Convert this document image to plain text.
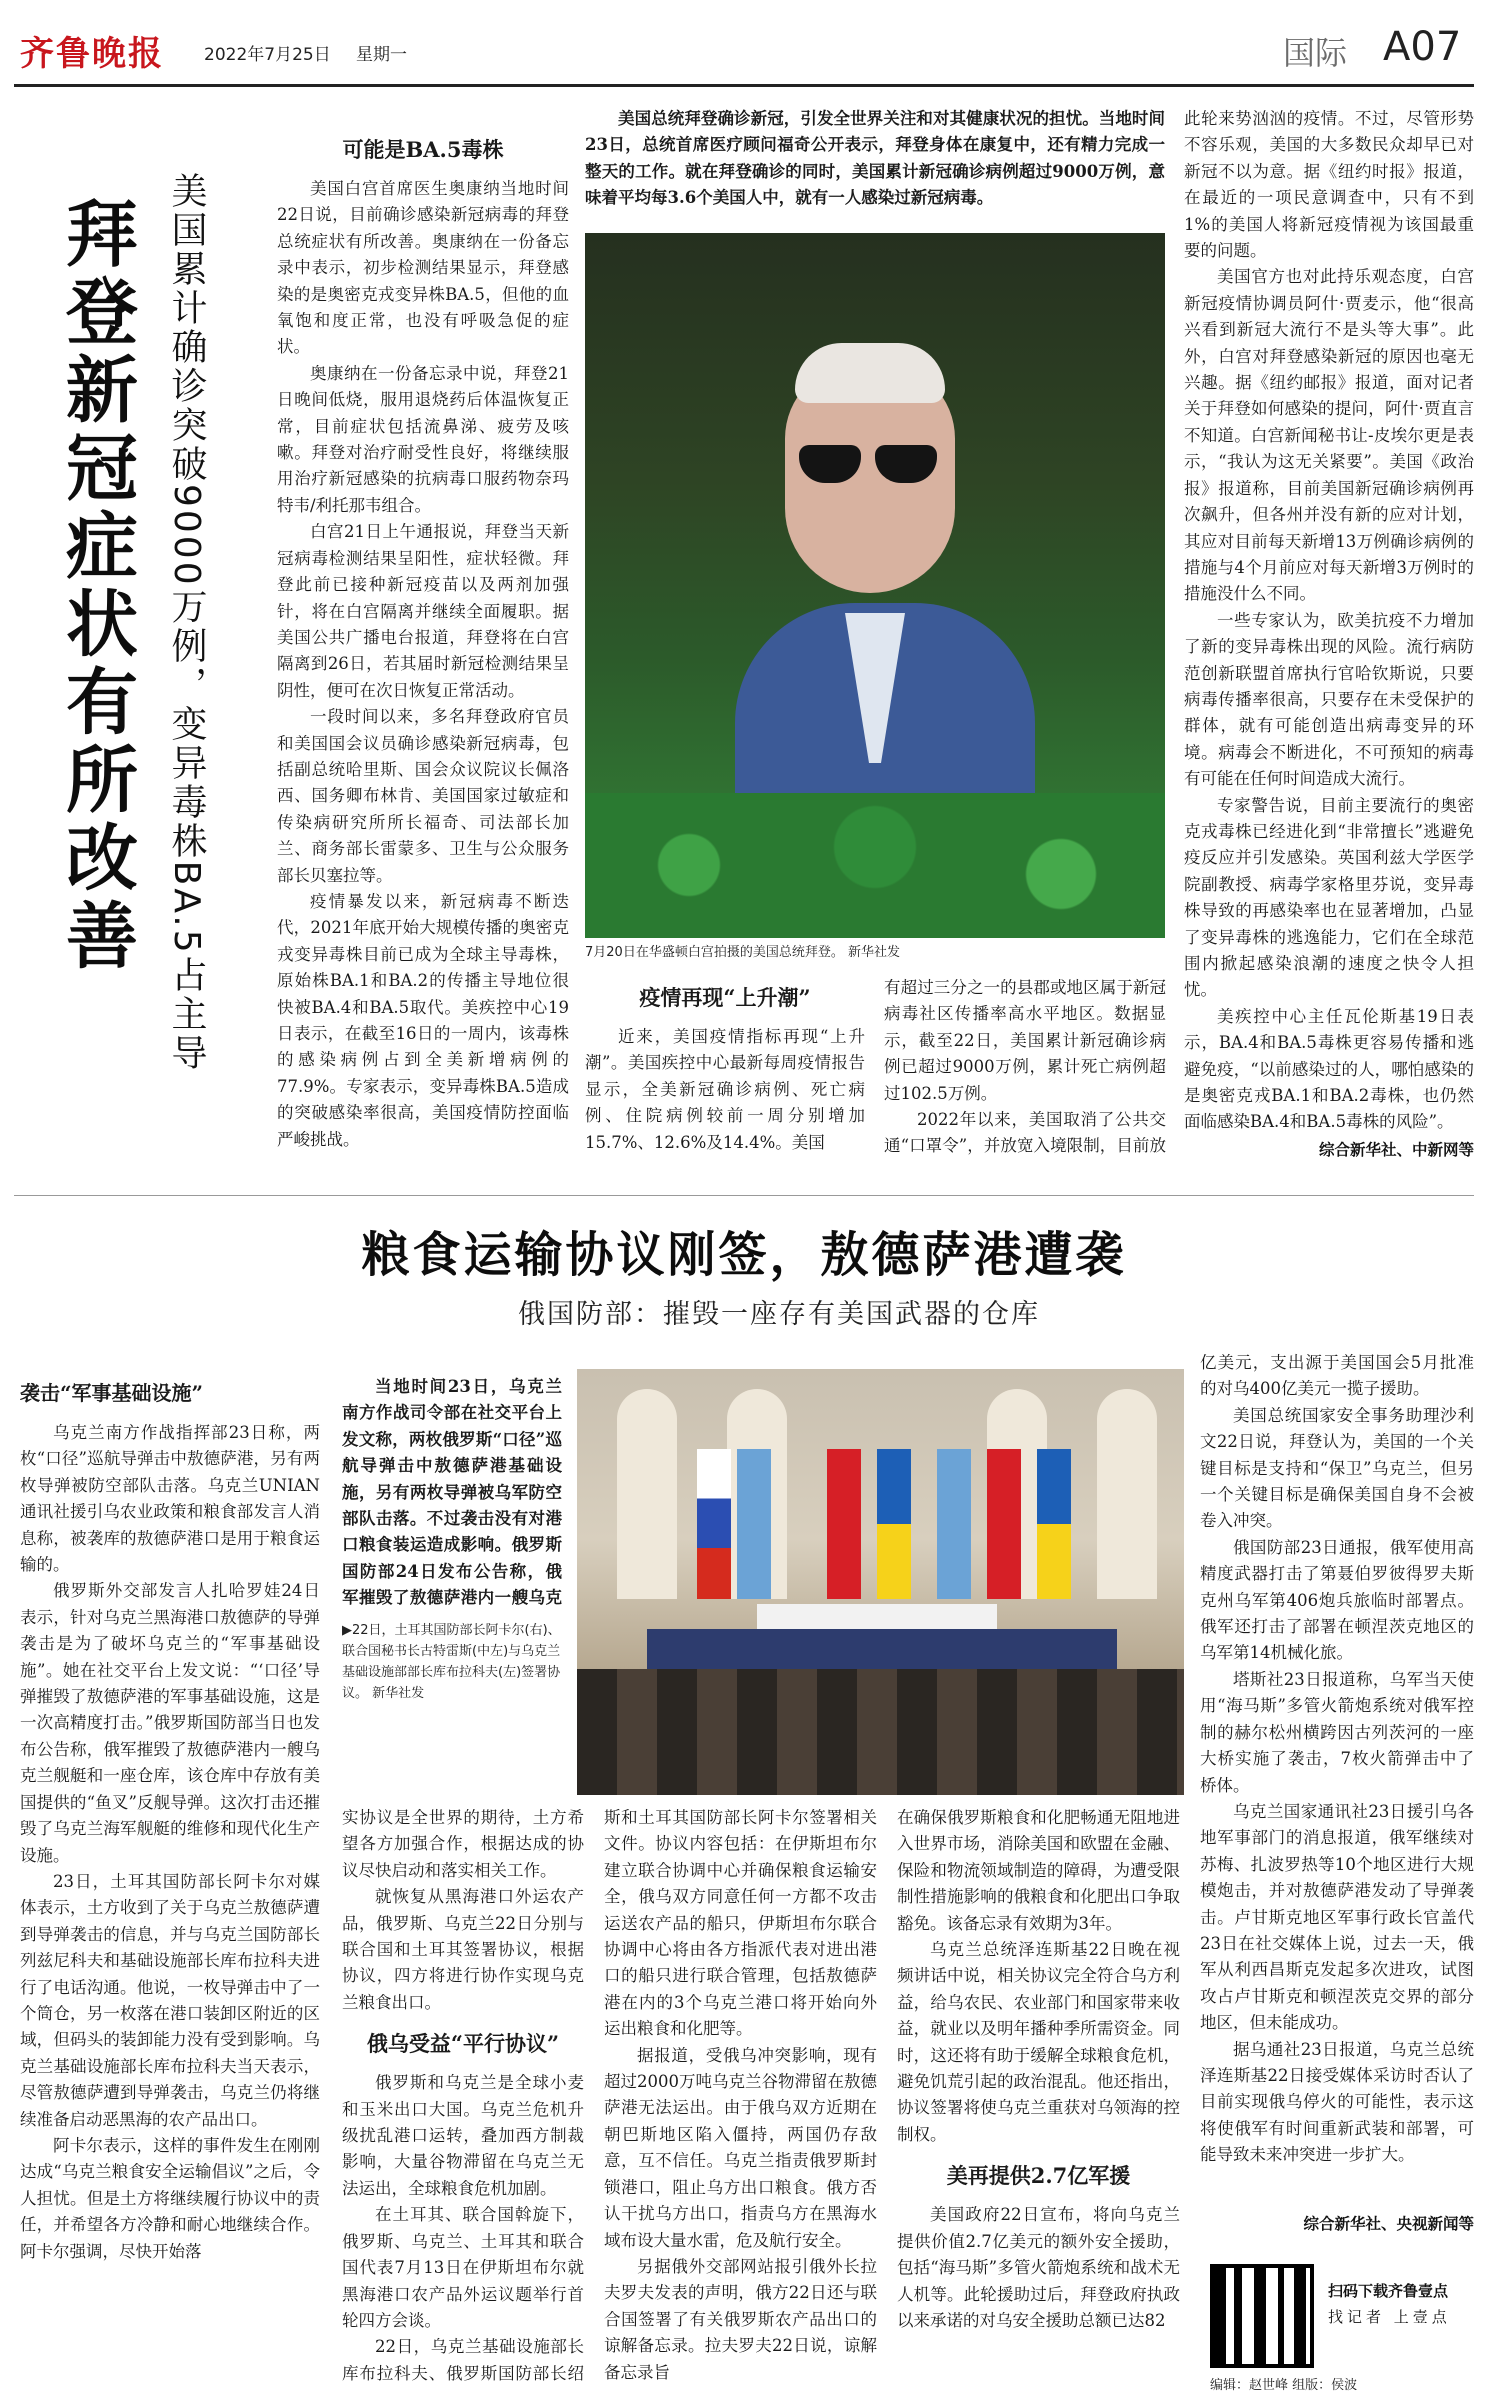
齐鲁晚报 2022年7月25日 星期一	国际 A07
拜登新冠症状有所改善 美国累计确诊突破9000万例，变异毒株BA.5占主导
可能是BA.5毒株

美国白宫首席医生奥康纳当地时间22日说，目前确诊感染新冠病毒的拜登总统症状有所改善。奥康纳在一份备忘录中表示，初步检测结果显示，拜登感染的是奥密克戎变异株BA.5，但他的血氧饱和度正常，也没有呼吸急促的症状。

奥康纳在一份备忘录中说，拜登21日晚间低烧，服用退烧药后体温恢复正常，目前症状包括流鼻涕、疲劳及咳嗽。拜登对治疗耐受性良好，将继续服用治疗新冠感染的抗病毒口服药物奈玛特韦/利托那韦组合。

白宫21日上午通报说，拜登当天新冠病毒检测结果呈阳性，症状轻微。拜登此前已接种新冠疫苗以及两剂加强针，将在白宫隔离并继续全面履职。据美国公共广播电台报道，拜登将在白宫隔离到26日，若其届时新冠检测结果呈阴性，便可在次日恢复正常活动。

一段时间以来，多名拜登政府官员和美国国会议员确诊感染新冠病毒，包括副总统哈里斯、国会众议院议长佩洛西、国务卿布林肯、美国国家过敏症和传染病研究所所长福奇、司法部长加兰、商务部长雷蒙多、卫生与公众服务部长贝塞拉等。

疫情暴发以来，新冠病毒不断迭代，2021年底开始大规模传播的奥密克戎变异毒株目前已成为全球主导毒株，原始株BA.1和BA.2的传播主导地位很快被BA.4和BA.5取代。美疾控中心19日表示，在截至16日的一周内，该毒株的感染病例占到全美新增病例的77.9%。专家表示，变异毒株BA.5造成的突破感染率很高，美国疫情防控面临严峻挑战。

美国总统拜登确诊新冠，引发全世界关注和对其健康状况的担忧。当地时间23日，总统首席医疗顾问福奇公开表示，拜登身体在康复中，还有精力完成一整天的工作。就在拜登确诊的同时，美国累计新冠确诊病例超过9000万例，意味着平均每3.6个美国人中，就有一人感染过新冠病毒。

7月20日在华盛顿白宫拍摄的美国总统拜登。 新华社发
疫情再现“上升潮”

近来，美国疫情指标再现“上升潮”。美国疾控中心最新每周疫情报告显示，全美新冠确诊病例、死亡病例、住院病例较前一周分别增加15.7%、12.6%及14.4%。美国

有超过三分之一的县郡或地区属于新冠病毒社区传播率高水平地区。数据显示，截至22日，美国累计新冠确诊病例已超过9000万例，累计死亡病例超过102.5万例。

2022年以来，美国取消了公共交通“口罩令”，并放宽入境限制，目前放

此轮来势汹汹的疫情。不过，尽管形势不容乐观，美国的大多数民众却早已对新冠不以为意。据《纽约时报》报道，在最近的一项民意调查中，只有不到1%的美国人将新冠疫情视为该国最重要的问题。

美国官方也对此持乐观态度，白宫新冠疫情协调员阿什·贾麦示，他“很高兴看到新冠大流行不是头等大事”。此外，白宫对拜登感染新冠的原因也毫无兴趣。据《纽约邮报》报道，面对记者关于拜登如何感染的提问，阿什·贾直言不知道。白宫新闻秘书让-皮埃尔更是表示，“我认为这无关紧要”。美国《政治报》报道称，目前美国新冠确诊病例再次飙升，但各州并没有新的应对计划，其应对目前每天新增13万例确诊病例的措施与4个月前应对每天新增3万例时的措施没什么不同。

一些专家认为，欧美抗疫不力增加了新的变异毒株出现的风险。流行病防范创新联盟首席执行官哈钦斯说，只要病毒传播率很高，只要存在未受保护的群体，就有可能创造出病毒变异的环境。病毒会不断进化，不可预知的病毒有可能在任何时间造成大流行。

专家警告说，目前主要流行的奥密克戎毒株已经进化到“非常擅长”逃避免疫反应并引发感染。英国利兹大学医学院副教授、病毒学家格里芬说，变异毒株导致的再感染率也在显著增加，凸显了变异毒株的逃逸能力，它们在全球范围内掀起感染浪潮的速度之快令人担忧。

美疾控中心主任瓦伦斯基19日表示，BA.4和BA.5毒株更容易传播和逃避免疫，“以前感染过的人，哪怕感染的是奥密克戎BA.1和BA.2毒株，也仍然面临感染BA.4和BA.5毒株的风险”。

综合新华社、中新网等
粮食运输协议刚签，敖德萨港遭袭
俄国防部：摧毁一座存有美国武器的仓库
袭击“军事基础设施”

乌克兰南方作战指挥部23日称，两枚“口径”巡航导弹击中敖德萨港，另有两枚导弹被防空部队击落。乌克兰UNIAN通讯社援引乌农业政策和粮食部发言人消息称，被袭库的敖德萨港口是用于粮食运输的。

俄罗斯外交部发言人扎哈罗娃24日表示，针对乌克兰黑海港口敖德萨的导弹袭击是为了破坏乌克兰的“军事基础设施”。她在社交平台上发文说：“‘口径’导弹摧毁了敖德萨港的军事基础设施，这是一次高精度打击。”俄罗斯国防部当日也发布公告称，俄军摧毁了敖德萨港内一艘乌克兰舰艇和一座仓库，该仓库中存放有美国提供的“鱼叉”反舰导弹。这次打击还摧毁了乌克兰海军舰艇的维修和现代化生产设施。

23日，土耳其国防部长阿卡尔对媒体表示，土方收到了关于乌克兰敖德萨遭到导弹袭击的信息，并与乌克兰国防部长列兹尼科夫和基础设施部长库布拉科夫进行了电话沟通。他说，一枚导弹击中了一个筒仓，另一枚落在港口装卸区附近的区域，但码头的装卸能力没有受到影响。乌克兰基础设施部长库布拉科夫当天表示，尽管敖德萨遭到导弹袭击，乌克兰仍将继续准备启动恶黑海的农产品出口。

阿卡尔表示，这样的事件发生在刚刚达成“乌克兰粮食安全运输倡议”之后，令人担忧。但是土方将继续履行协议中的责任，并希望各方冷静和耐心地继续合作。阿卡尔强调，尽快开始落

当地时间23日，乌克兰南方作战司令部在社交平台上发文称，两枚俄罗斯“口径”巡航导弹击中敖德萨港基础设施，另有两枚导弹被乌军防空部队击落。不过袭击没有对港口粮食装运造成影响。俄罗斯国防部24日发布公告称，俄军摧毁了敖德萨港内一艘乌克

▶22日，土耳其国防部长阿卡尔(右)、联合国秘书长古特雷斯(中左)与乌克兰基础设施部部长库布拉科夫(左)签署协议。 新华社发

实协议是全世界的期待，土方希望各方加强合作，根据达成的协议尽快启动和落实相关工作。

就恢复从黑海港口外运农产品，俄罗斯、乌克兰22日分别与联合国和土耳其签署协议，根据协议，四方将进行协作实现乌克兰粮食出口。

俄乌受益“平行协议”

俄罗斯和乌克兰是全球小麦和玉米出口大国。乌克兰危机升级扰乱港口运转，叠加西方制裁影响，大量谷物滞留在乌克兰无法运出，全球粮食危机加剧。

在土耳其、联合国斡旋下，俄罗斯、乌克兰、土耳其和联合国代表7月13日在伊斯坦布尔就黑海港口农产品外运议题举行首轮四方会谈。

22日，乌克兰基础设施部长库布拉科夫、俄罗斯国防部长绍

斯和土耳其国防部长阿卡尔签署相关文件。协议内容包括：在伊斯坦布尔建立联合协调中心并确保粮食运输安全，俄乌双方同意任何一方都不攻击运送农产品的船只，伊斯坦布尔联合协调中心将由各方指派代表对进出港口的船只进行联合管理，包括敖德萨港在内的3个乌克兰港口将开始向外运出粮食和化肥等。

据报道，受俄乌冲突影响，现有超过2000万吨乌克兰谷物滞留在敖德萨港无法运出。由于俄乌双方近期在朝巴斯地区陷入僵持，两国仍存敌意，互不信任。乌克兰指责俄罗斯封锁港口，阻止乌方出口粮食。俄方否认干扰乌方出口，指责乌方在黑海水域布设大量水雷，危及航行安全。

另据俄外交部网站报引俄外长拉夫罗夫发表的声明，俄方22日还与联合国签署了有关俄罗斯农产品出口的谅解备忘录。拉夫罗夫22日说，谅解备忘录旨

在确保俄罗斯粮食和化肥畅通无阻地进入世界市场，消除美国和欧盟在金融、保险和物流领域制造的障碍，为遭受限制性措施影响的俄粮食和化肥出口争取豁免。该备忘录有效期为3年。

乌克兰总统泽连斯基22日晚在视频讲话中说，相关协议完全符合乌方利益，给乌农民、农业部门和国家带来收益，就业以及明年播种季所需资金。同时，这还将有助于缓解全球粮食危机，避免饥荒引起的政治混乱。他还指出，协议签署将使乌克兰重获对乌领海的控制权。

美再提供2.7亿军援

美国政府22日宣布，将向乌克兰提供价值2.7亿美元的额外安全援助，包括“海马斯”多管火箭炮系统和战术无人机等。此轮援助过后，拜登政府执政以来承诺的对乌安全援助总额已达82

亿美元，支出源于美国国会5月批准的对乌400亿美元一揽子援助。

美国总统国家安全事务助理沙利文22日说，拜登认为，美国的一个关键目标是支持和“保卫”乌克兰，但另一个关键目标是确保美国自身不会被卷入冲突。

俄国防部23日通报，俄军使用高精度武器打击了第聂伯罗彼得罗夫斯克州乌军第406炮兵旅临时部署点。俄军还打击了部署在顿涅茨克地区的乌军第14机械化旅。

塔斯社23日报道称，乌军当天使用“海马斯”多管火箭炮系统对俄军控制的赫尔松州横跨因古列茨河的一座大桥实施了袭击，7枚火箭弹击中了桥体。

乌克兰国家通讯社23日援引乌各地军事部门的消息报道，俄军继续对苏梅、扎波罗热等10个地区进行大规模炮击，并对敖德萨港发动了导弹袭击。卢甘斯克地区军事行政长官盖代23日在社交媒体上说，过去一天，俄军从利西昌斯克发起多次进攻，试图攻占卢甘斯克和顿涅茨克交界的部分地区，但未能成功。

据乌通社23日报道，乌克兰总统泽连斯基22日接受媒体采访时否认了目前实现俄乌停火的可能性，表示这将使俄军有时间重新武装和部署，可能导致未来冲突进一步扩大。

综合新华社、央视新闻等
扫码下载齐鲁壹点
找记者 上壹点
编辑：赵世峰 组版：侯波
